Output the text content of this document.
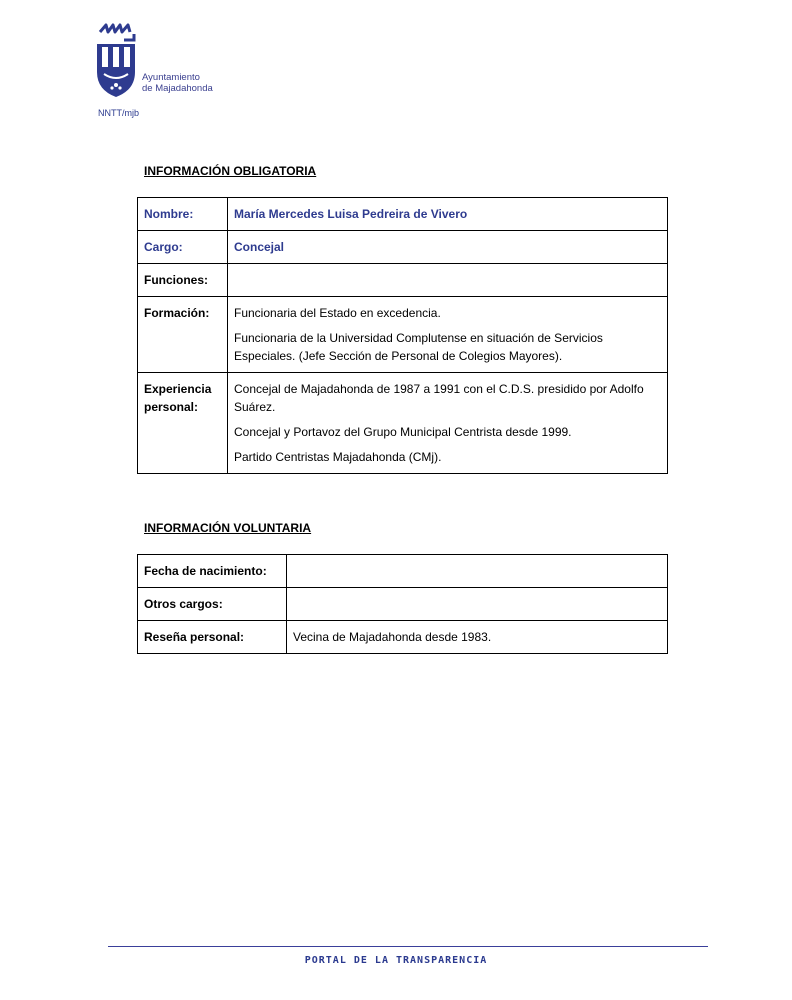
Ayuntamiento
de Majadahonda
NNTT/mjb
INFORMACIÓN OBLIGATORIA
Nombre:	María Mercedes Luisa Pedreira de Vivero
Cargo:	Concejal
Funciones:	
Formación:	Funcionaria del Estado en excedencia.

Funcionaria de la Universidad Complutense en situación de Servicios Especiales. (Jefe Sección de Personal de Colegios Mayores).

Experiencia personal:	Concejal de Majadahonda de 1987 a 1991 con el C.D.S. presidido por Adolfo Suárez.

Concejal y Portavoz del Grupo Municipal Centrista desde 1999.

Partido Centristas Majadahonda (CMj).

INFORMACIÓN VOLUNTARIA
Fecha de nacimiento:	
Otros cargos:	
Reseña personal:	Vecina de Majadahonda desde 1983.
PORTAL DE LA TRANSPARENCIA
